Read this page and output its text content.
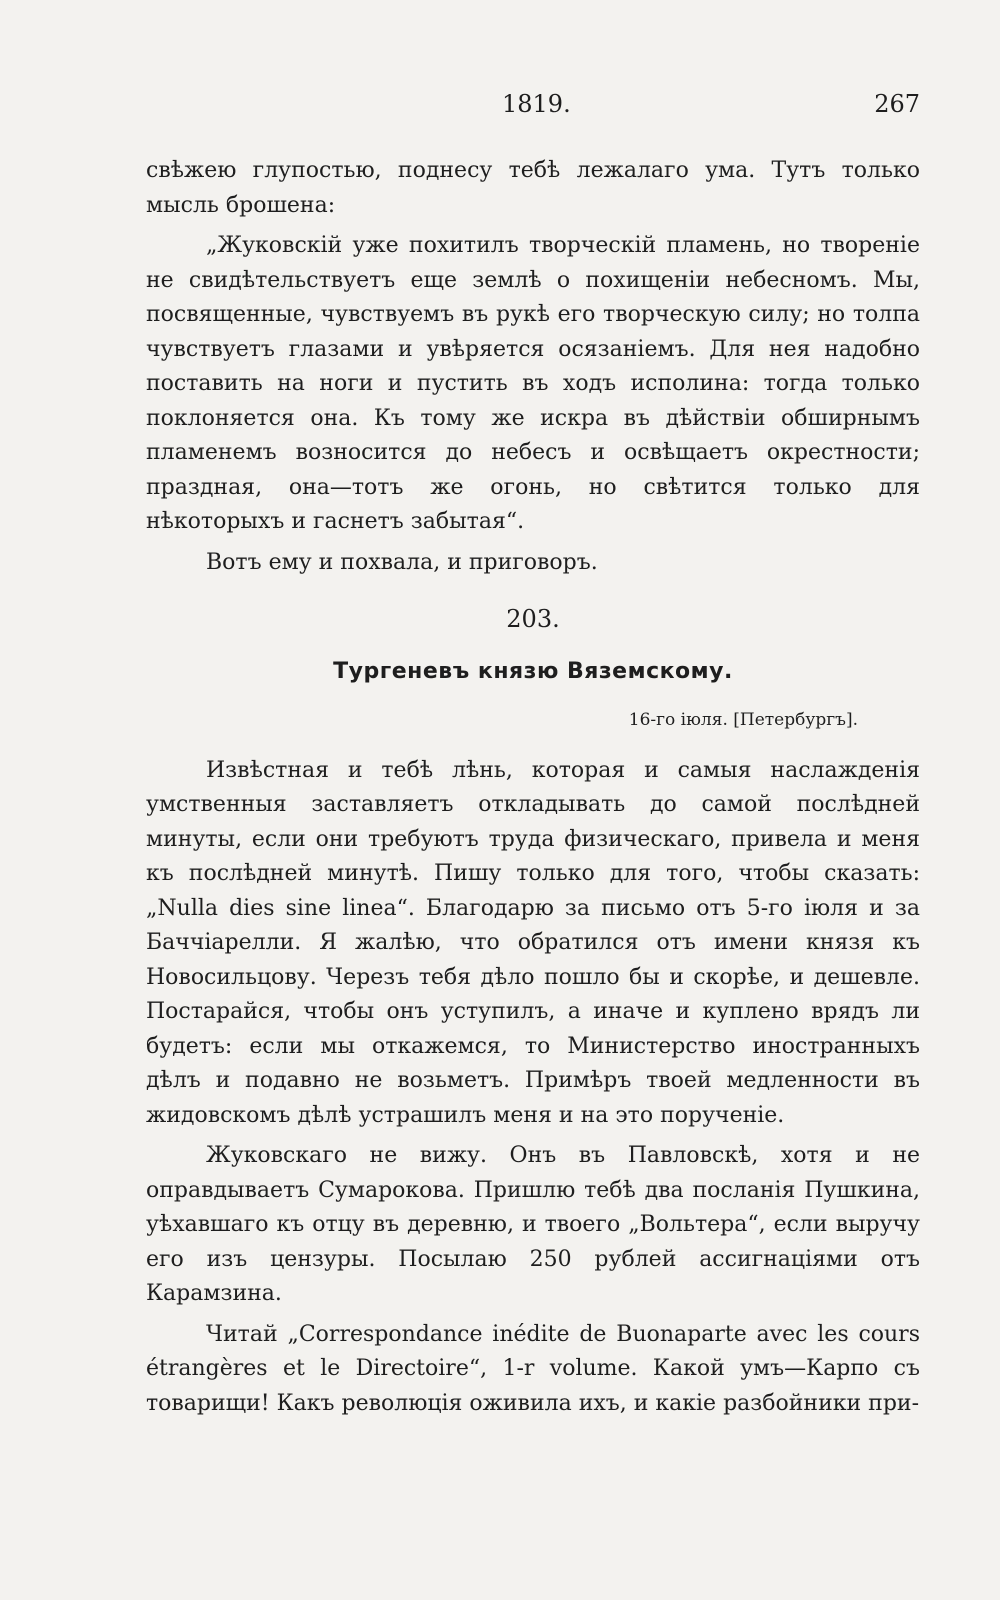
1819.	267

свѣжею глупостью, поднесу тебѣ лежалаго ума. Тутъ только мысль брошена:

„Жуковскій уже похитилъ творческій пламень, но твореніе не свидѣтельствуетъ еще землѣ о похищеніи небесномъ. Мы, посвященные, чувствуемъ въ рукѣ его творческую силу; но толпа чувствуетъ глазами и увѣряется осязаніемъ. Для нея надобно поставить на ноги и пустить въ ходъ исполина: тогда только поклоняется она. Къ тому же искра въ дѣйствіи обширнымъ пламенемъ возносится до небесъ и освѣщаетъ окрестности; праздная, она—тотъ же огонь, но свѣтится только для нѣкоторыхъ и гаснетъ забытая“.

Вотъ ему и похвала, и приговоръ.

203.
Тургеневъ князю Вяземскому.
16-го іюля. [Петербургъ].

Извѣстная и тебѣ лѣнь, которая и самыя наслажденія умственныя заставляетъ откладывать до самой послѣдней минуты, если они требуютъ труда физическаго, привела и меня къ послѣдней минутѣ. Пишу только для того, чтобы сказать: „Nulla dies sine linea“. Благодарю за письмо отъ 5-го іюля и за Баччіарелли. Я жалѣю, что обратился отъ имени князя къ Новосильцову. Черезъ тебя дѣло пошло бы и скорѣе, и дешевле. Постарайся, чтобы онъ уступилъ, а иначе и куплено врядъ ли будетъ: если мы откажемся, то Министерство иностранныхъ дѣлъ и подавно не возьметъ. Примѣръ твоей медленности въ жидовскомъ дѣлѣ устрашилъ меня и на это порученіе.

Жуковскаго не вижу. Онъ въ Павловскѣ, хотя и не оправдываетъ Сумарокова. Пришлю тебѣ два посланія Пушкина, уѣхавшаго къ отцу въ деревню, и твоего „Вольтера“, если выручу его изъ цензуры. Посылаю 250 рублей ассигнаціями отъ Карамзина.

Читай „Correspondance inédite de Buonaparte avec les cours étrangères et le Directoire“, 1-r volume. Какой умъ—Карпо съ товарищи! Какъ революція оживила ихъ, и какіе разбойники при-
